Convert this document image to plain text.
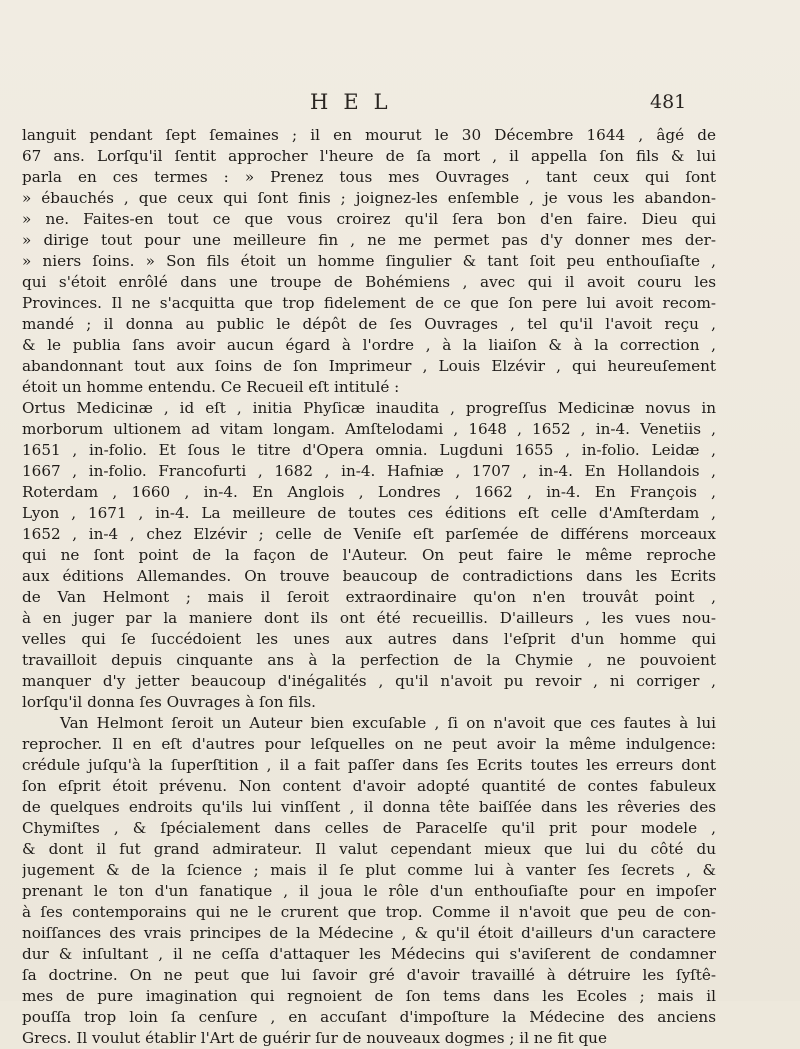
HEL	481
languit pendant ſept ſemaines ; il en mourut le 30 Décembre 1644 , âgé de
67 ans. Lorſqu'il ſentit approcher l'heure de ſa mort , il appella ſon fils & lui
parla en ces termes : » Prenez tous mes Ouvrages , tant ceux qui ſont
» ébauchés , que ceux qui ſont finis ; joignez-les enſemble , je vous les abandon-
» ne. Faites-en tout ce que vous croirez qu'il ſera bon d'en faire. Dieu qui
» dirige tout pour une meilleure fin , ne me permet pas d'y donner mes der-
» niers ſoins. » Son fils étoit un homme ſingulier & tant ſoit peu enthouſiaſte ,
qui s'étoit enrôlé dans une troupe de Bohémiens , avec qui il avoit couru les
Provinces. Il ne s'acquitta que trop fidelement de ce que ſon pere lui avoit recom-
mandé ; il donna au public le dépôt de ſes Ouvrages , tel qu'il l'avoit reçu ,
& le publia ſans avoir aucun égard à l'ordre , à la liaiſon & à la correction ,
abandonnant tout aux ſoins de ſon Imprimeur , Louis Elzévir , qui heureuſement
étoit un homme entendu. Ce Recueil eſt intitulé :
Ortus Medicinæ , id eſt , initia Phyſicæ inaudita , progreſſus Medicinæ novus in
morborum ultionem ad vitam longam. Amſtelodami , 1648 , 1652 , in-4. Venetiis ,
1651 , in-folio. Et ſous le titre d'Opera omnia. Lugduni 1655 , in-folio. Leidæ ,
1667 , in-folio. Francofurti , 1682 , in-4. Hafniæ , 1707 , in-4. En Hollandois ,
Roterdam , 1660 , in-4. En Anglois , Londres , 1662 , in-4. En François ,
Lyon , 1671 , in-4. La meilleure de toutes ces éditions eſt celle d'Amſterdam ,
1652 , in-4 , chez Elzévir ; celle de Veniſe eſt parſemée de différens morceaux
qui ne ſont point de la façon de l'Auteur. On peut faire le même reproche
aux éditions Allemandes. On trouve beaucoup de contradictions dans les Ecrits
de Van Helmont ; mais il ſeroit extraordinaire qu'on n'en trouvât point ,
à en juger par la maniere dont ils ont été recueillis. D'ailleurs , les vues nou-
velles qui ſe ſuccédoient les unes aux autres dans l'eſprit d'un homme qui
travailloit depuis cinquante ans à la perfection de la Chymie , ne pouvoient
manquer d'y jetter beaucoup d'inégalités , qu'il n'avoit pu revoir , ni corriger ,
lorſqu'il donna ſes Ouvrages à ſon fils.
Van Helmont ſeroit un Auteur bien excuſable , ſi on n'avoit que ces fautes à lui
reprocher. Il en eſt d'autres pour leſquelles on ne peut avoir la même indulgence:
crédule juſqu'à la ſuperſtition , il a fait paſſer dans ſes Ecrits toutes les erreurs dont
ſon eſprit étoit prévenu. Non content d'avoir adopté quantité de contes fabuleux
de quelques endroits qu'ils lui vinſſent , il donna tête baiſſée dans les rêveries des
Chymiſtes , & ſpécialement dans celles de Paracelſe qu'il prit pour modele ,
& dont il fut grand admirateur. Il valut cependant mieux que lui du côté du
jugement & de la ſcience ; mais il ſe plut comme lui à vanter ſes ſecrets , &
prenant le ton d'un fanatique , il joua le rôle d'un enthouſiaſte pour en impoſer
à ſes contemporains qui ne le crurent que trop. Comme il n'avoit que peu de con-
noiſſances des vrais principes de la Médecine , & qu'il étoit d'ailleurs d'un caractere
dur & inſultant , il ne ceſſa d'attaquer les Médecins qui s'aviſerent de condamner
ſa doctrine. On ne peut que lui ſavoir gré d'avoir travaillé à détruire les ſyſtê-
mes de pure imagination qui regnoient de ſon tems dans les Ecoles ; mais il
pouſſa trop loin ſa cenſure , en accuſant d'impoſture la Médecine des anciens
Grecs. Il voulut établir l'Art de guérir ſur de nouveaux dogmes ; il ne fit que
